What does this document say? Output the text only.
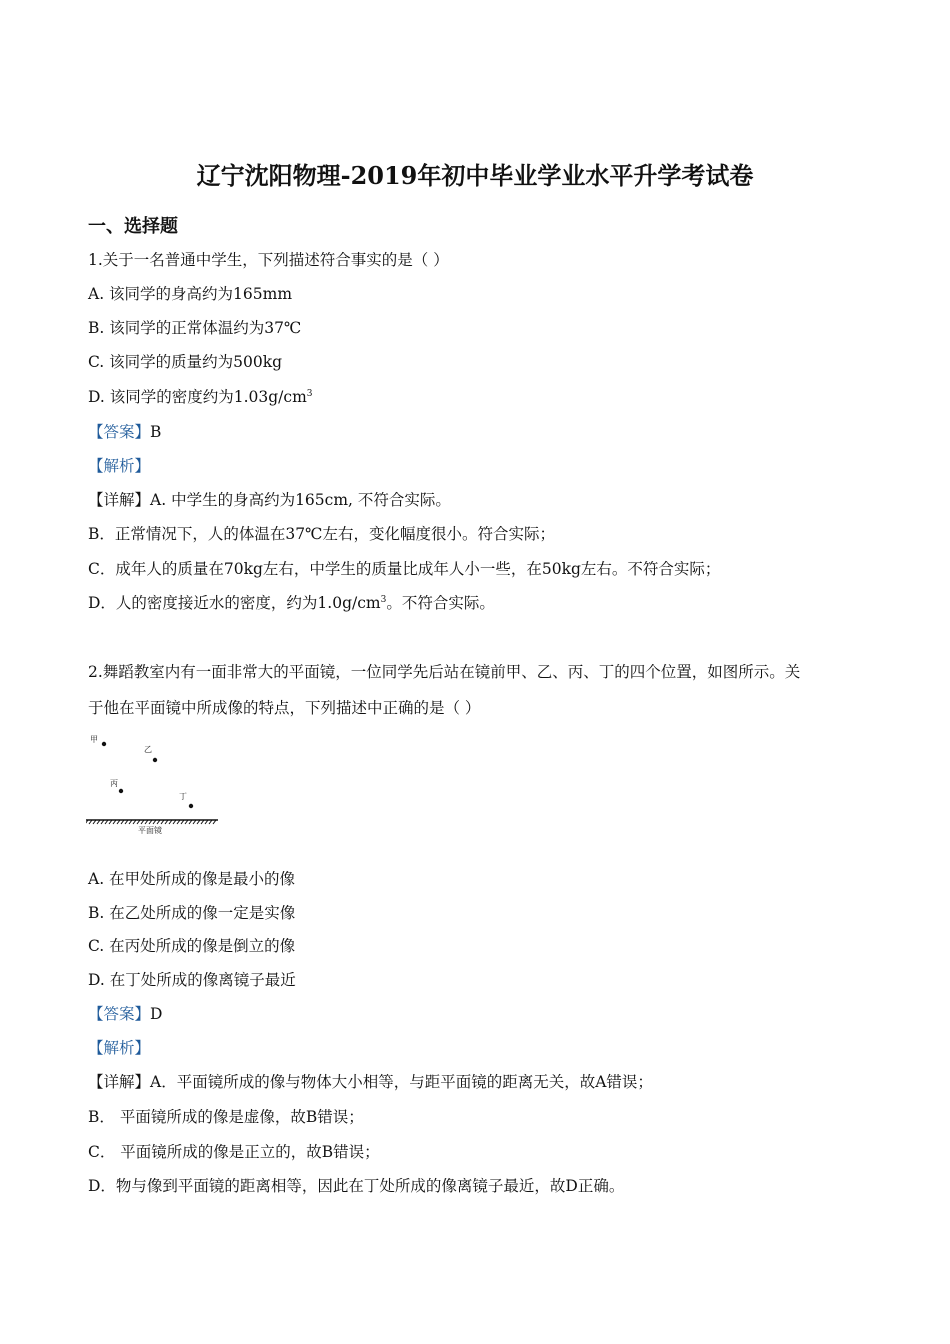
辽宁沈阳物理-2019年初中毕业学业水平升学考试卷
一、选择题
1.关于一名普通中学生，下列描述符合事实的是（ ）
A. 该同学的身高约为165mm
B. 该同学的正常体温约为37℃
C. 该同学的质量约为500kg
D. 该同学的密度约为$1.03g/cm^3$
【答案】B
【解析】
【详解】A. 中学生的身高约为165cm, 不符合实际。
B．正常情况下，人的体温在37℃左右，变化幅度很小。符合实际；
C．成年人的质量在70kg左右，中学生的质量比成年人小一些，在50kg左右。不符合实际；
D．人的密度接近水的密度，约为$1.0g/cm^3$。不符合实际。
2.舞蹈教室内有一面非常大的平面镜，一位同学先后站在镜前甲、乙、丙、丁的四个位置，如图所示。关
于他在平面镜中所成像的特点，下列描述中正确的是（ ）
甲
乙
丙
丁
平面镜
A. 在甲处所成的像是最小的像
B. 在乙处所成的像一定是实像
C. 在丙处所成的像是倒立的像
D. 在丁处所成的像离镜子最近
【答案】D
【解析】
【详解】A．平面镜所成的像与物体大小相等，与距平面镜的距离无关，故A错误；
B． 平面镜所成的像是虚像，故B错误；
C． 平面镜所成的像是正立的，故B错误；
D．物与像到平面镜的距离相等，因此在丁处所成的像离镜子最近，故D正确。
